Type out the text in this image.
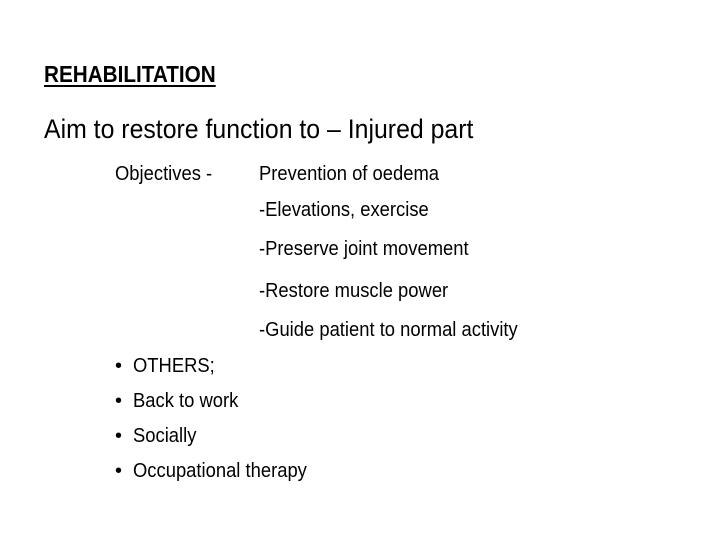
REHABILITATION
Aim to restore function to – Injured part
Objectives - Prevention of oedema
-Elevations, exercise
-Preserve joint movement
-Restore muscle power
-Guide patient to normal activity
• OTHERS;
• Back to work
• Socially
• Occupational therapy
